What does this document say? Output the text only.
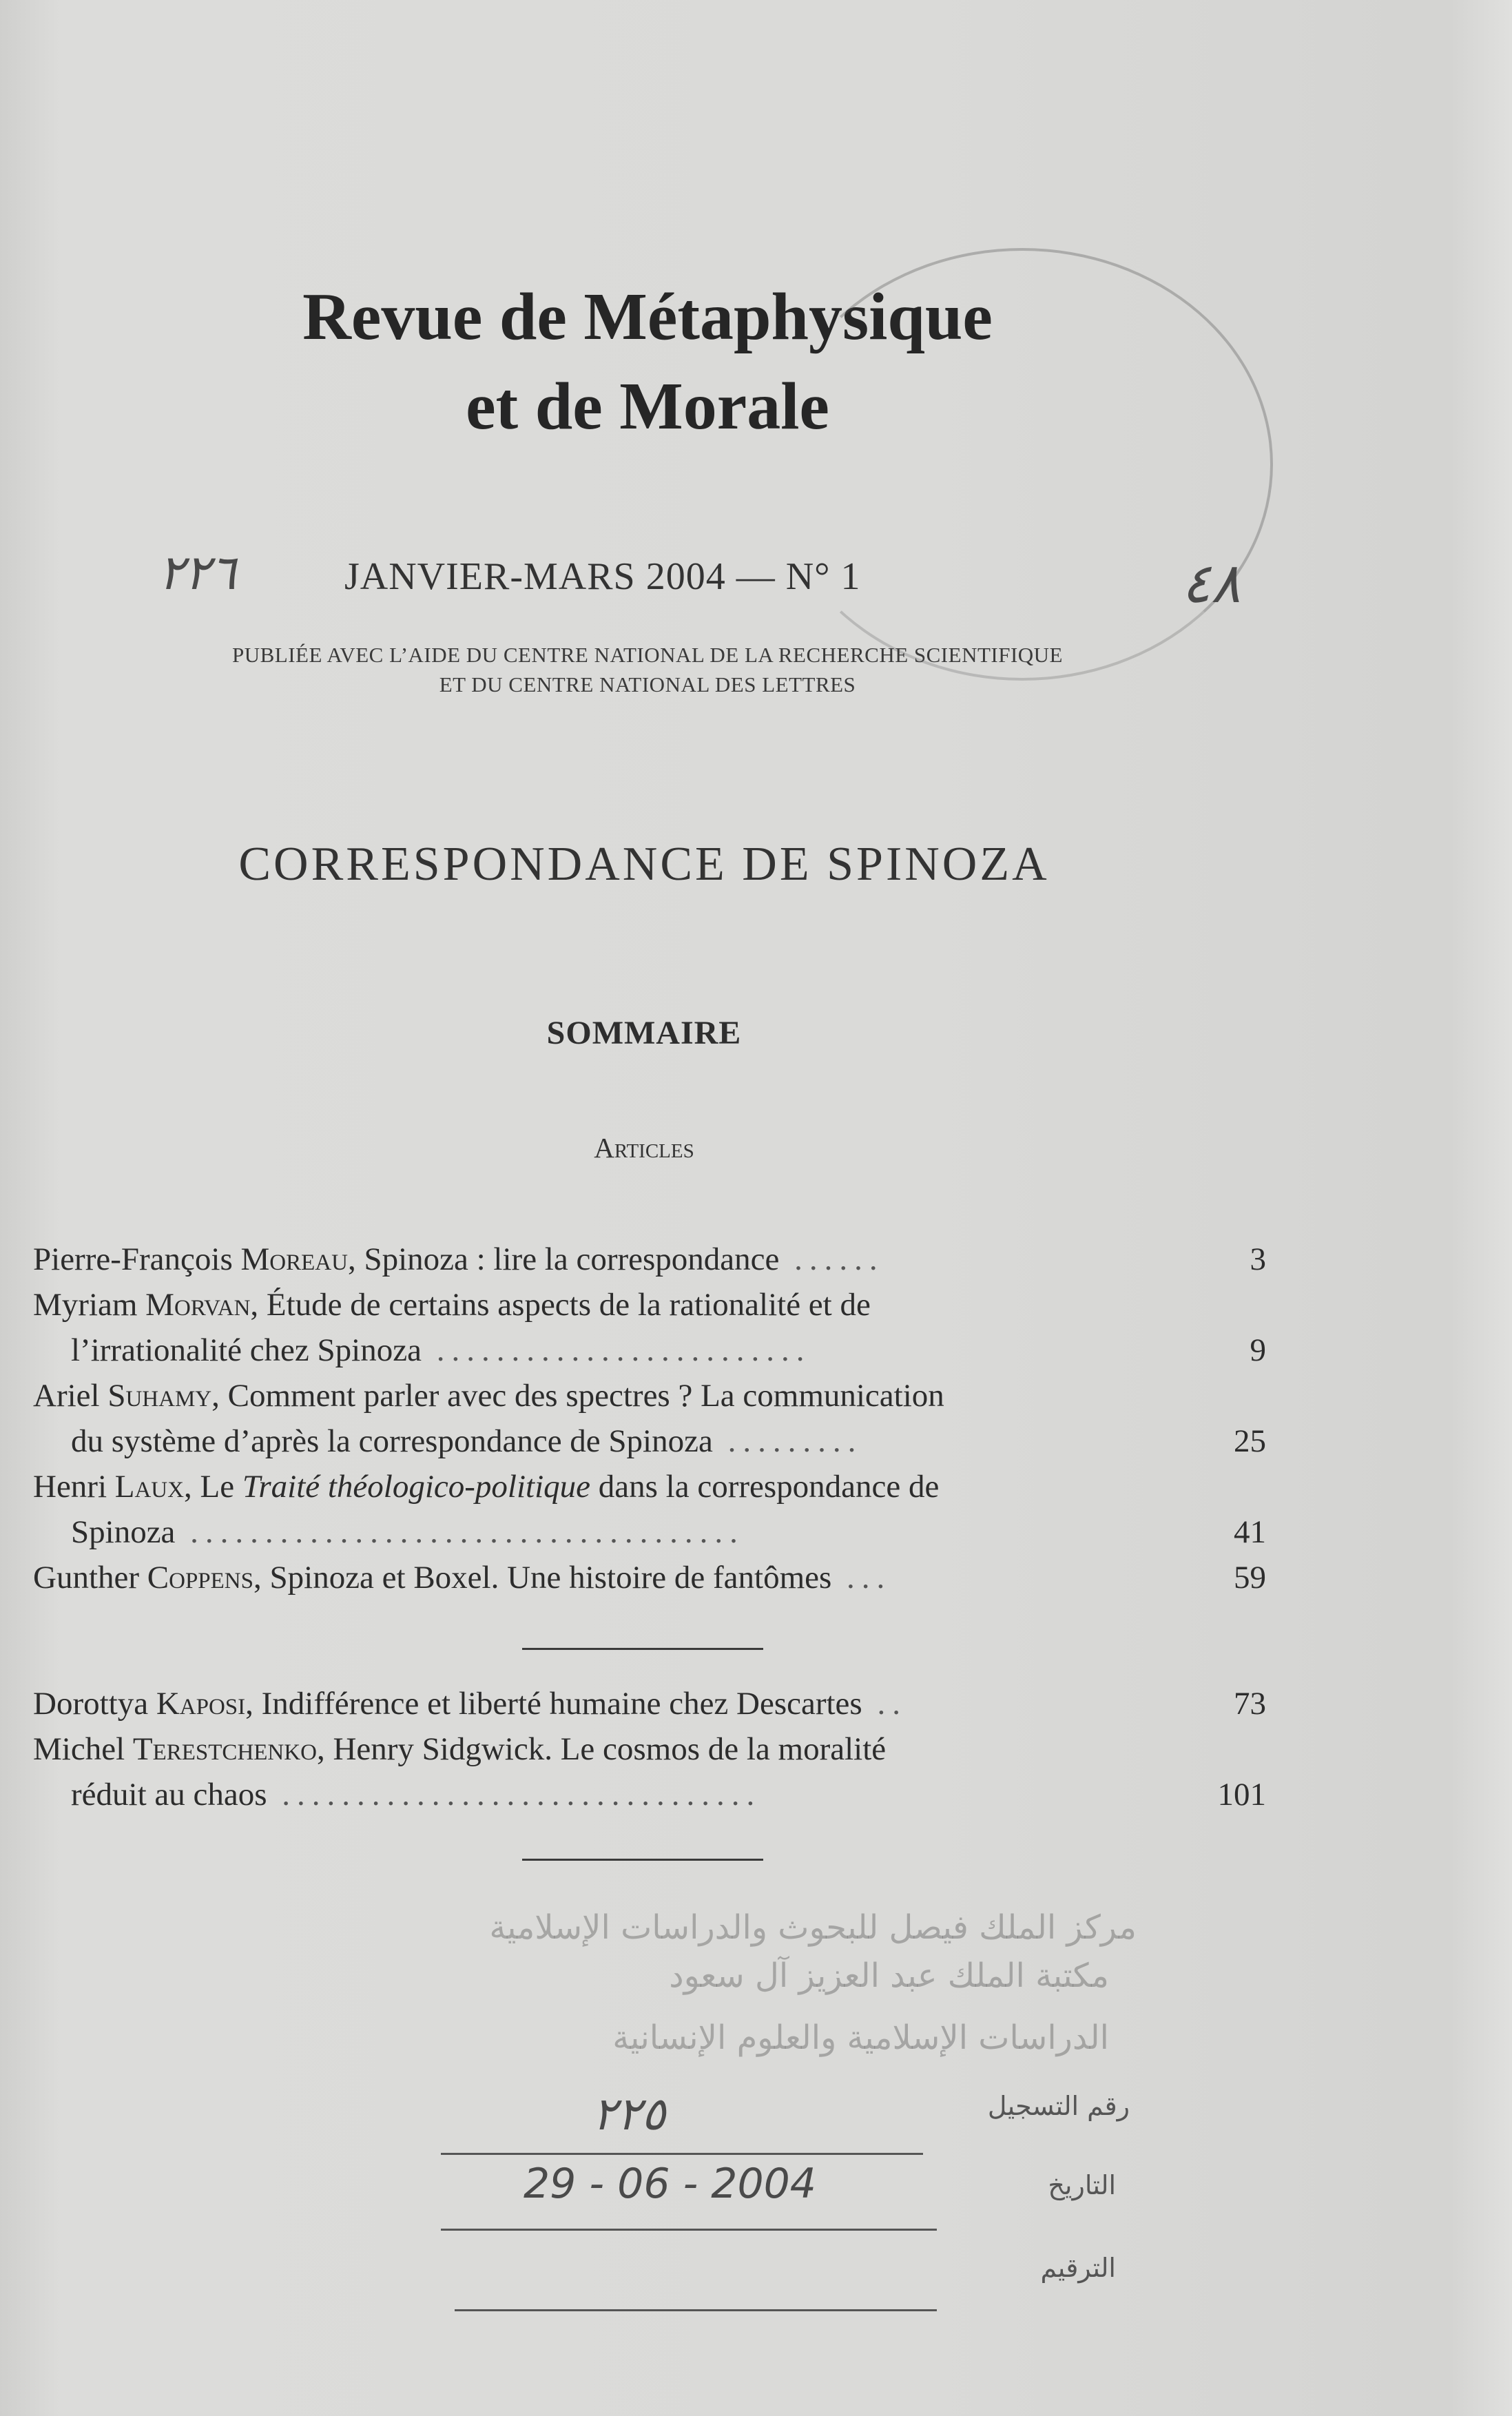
Revue de Métaphysique
et de Morale
٢٢٦	JANVIER-MARS 2004 — N° 1	٤٨
PUBLIÉE AVEC L’AIDE DU CENTRE NATIONAL DE LA RECHERCHE SCIENTIFIQUE
ET DU CENTRE NATIONAL DES LETTRES
CORRESPONDANCE DE SPINOZA
SOMMAIRE
Articles
Pierre-François Moreau, Spinoza : lire la correspondance ......	3
Myriam Morvan, Étude de certains aspects de la rationalité et de
l’irrationalité chez Spinoza .........................	9
Ariel Suhamy, Comment parler avec des spectres ? La communication
du système d’après la correspondance de Spinoza .........	25
Henri Laux, Le Traité théologico-politique dans la correspondance de
Spinoza .....................................	41
Gunther Coppens, Spinoza et Boxel. Une histoire de fantômes ...	59
Dorottya Kaposi, Indifférence et liberté humaine chez Descartes ..	73
Michel Terestchenko, Henry Sidgwick. Le cosmos de la moralité
réduit au chaos ................................	101
مركز الملك فيصل للبحوث والدراسات الإسلامية
مكتبة الملك عبد العزيز آل سعود
الدراسات الإسلامية والعلوم الإنسانية
رقم التسجيل
٢٢٥
التاريخ
29 - 06 - 2004
الترقيم
